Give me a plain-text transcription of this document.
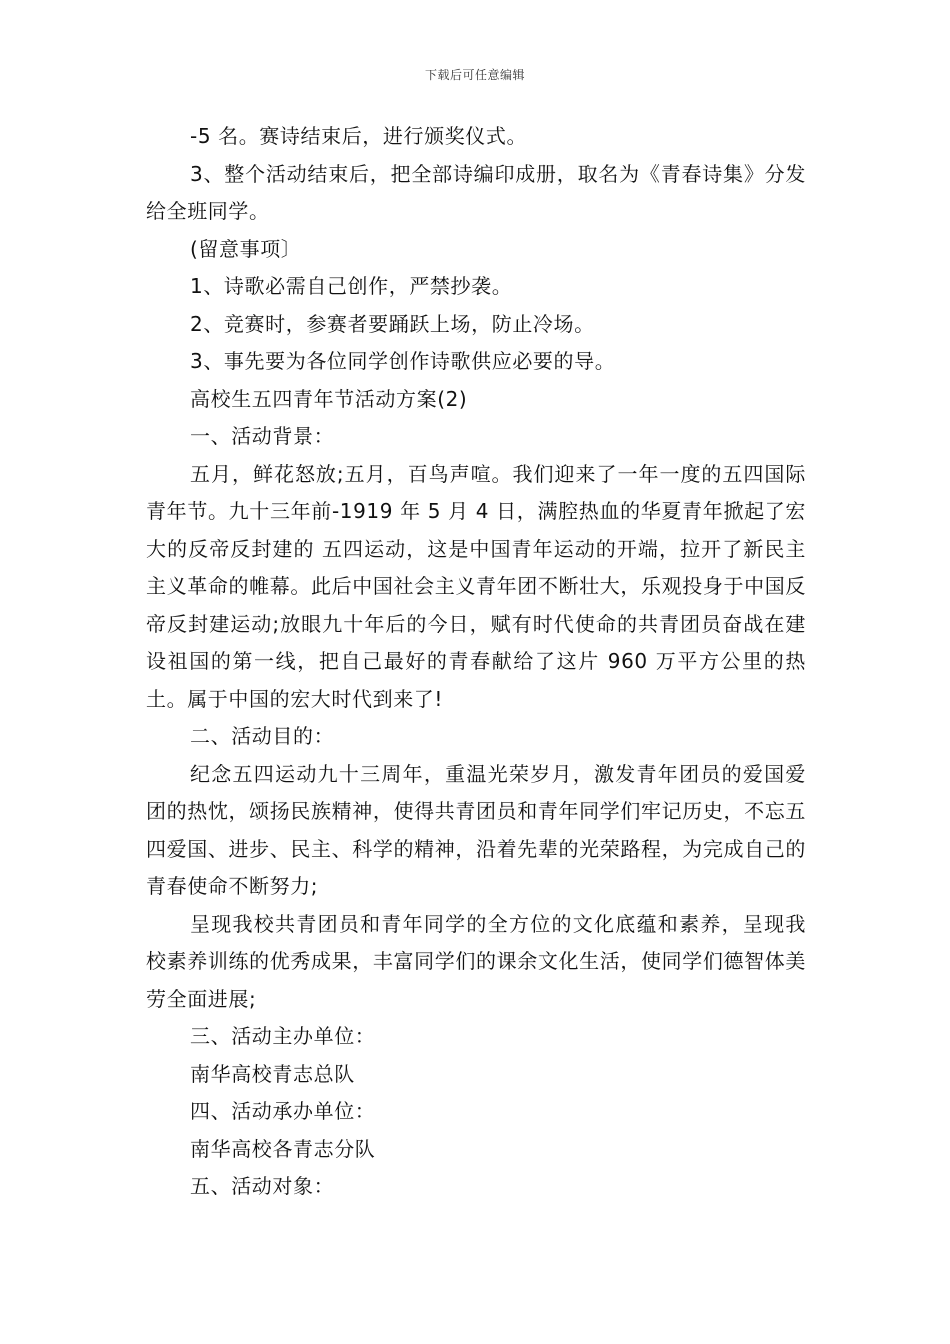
下载后可任意编辑

-5 名。赛诗结束后，进行颁奖仪式。

3、整个活动结束后，把全部诗编印成册，取名为《青春诗集》分发给全班同学。

(留意事项〕

1、诗歌必需自己创作，严禁抄袭。

2、竞赛时，参赛者要踊跃上场，防止冷场。

3、事先要为各位同学创作诗歌供应必要的导。

高校生五四青年节活动方案(2)

一、活动背景：

五月，鲜花怒放;五月，百鸟声喧。我们迎来了一年一度的五四国际青年节。九十三年前-1919 年 5 月 4 日，满腔热血的华夏青年掀起了宏大的反帝反封建的 五四运动，这是中国青年运动的开端，拉开了新民主主义革命的帷幕。此后中国社会主义青年团不断壮大，乐观投身于中国反帝反封建运动;放眼九十年后的今日，赋有时代使命的共青团员奋战在建设祖国的第一线，把自己最好的青春献给了这片 960 万平方公里的热土。属于中国的宏大时代到来了!

二、活动目的：

纪念五四运动九十三周年，重温光荣岁月，激发青年团员的爱国爱团的热忱，颂扬民族精神，使得共青团员和青年同学们牢记历史，不忘五四爱国、进步、民主、科学的精神，沿着先辈的光荣路程，为完成自己的青春使命不断努力;

呈现我校共青团员和青年同学的全方位的文化底蕴和素养，呈现我校素养训练的优秀成果，丰富同学们的课余文化生活，使同学们德智体美劳全面进展;

三、活动主办单位：

南华高校青志总队

四、活动承办单位：

南华高校各青志分队

五、活动对象：
